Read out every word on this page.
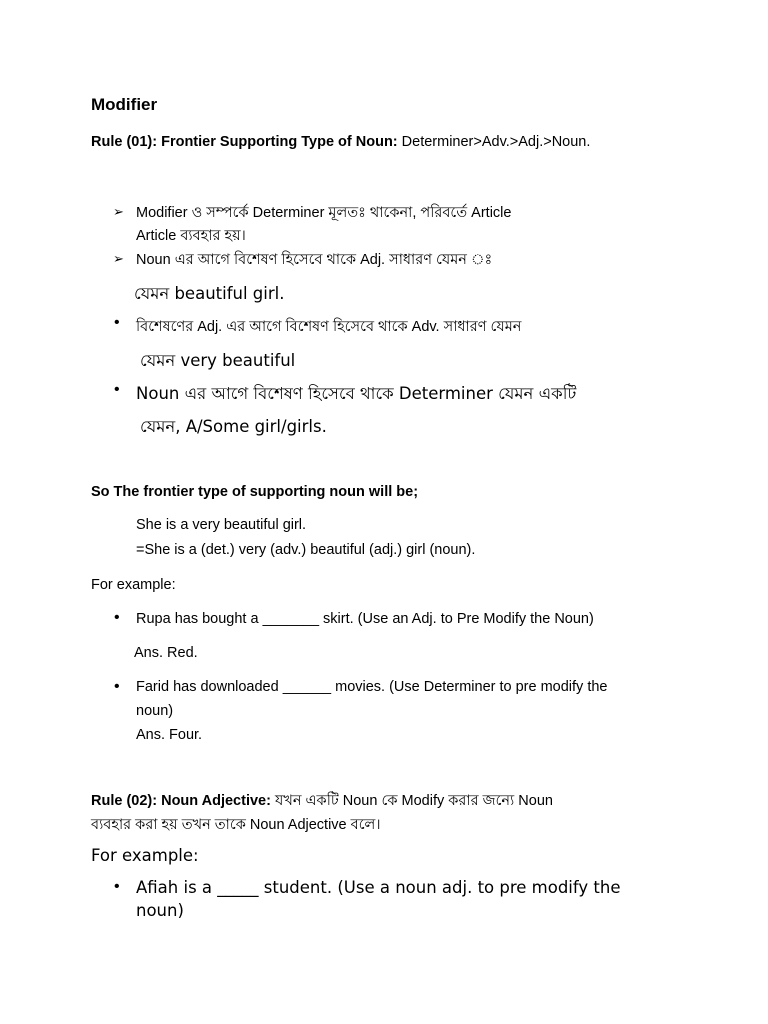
Modifier
Rule (01): Frontier Supporting Type of Noun: Determiner>Adv.>Adj.>Noun.
➢ Modifier ও সম্পর্কে Determiner মূলতঃ থাকেনা, পরিবর্তে Article
Article ব্যবহার হয়।
➢ Noun এর আগে বিশেষণ হিসেবে থাকে Adj. সাধারণ যেমন ঃ
যেমন beautiful girl.
• বিশেষণের Adj. এর আগে বিশেষণ হিসেবে থাকে Adv. সাধারণ যেমন
যেমন very beautiful
• Noun এর আগে বিশেষণ হিসেবে থাকে Determiner যেমন একটি
যেমন, A/Some girl/girls.
So The frontier type of supporting noun will be;
She is a very beautiful girl.
=She is a (det.) very (adv.) beautiful (adj.) girl (noun).
For example:
• Rupa has bought a _______ skirt. (Use an Adj. to Pre Modify the Noun)
Ans. Red.
• Farid has downloaded ______ movies. (Use Determiner to pre modify the
noun)
Ans. Four.
Rule (02): Noun Adjective: যখন একটি Noun কে Modify করার জন্যে Noun
ব্যবহার করা হয় তখন তাকে Noun Adjective বলে।
For example:
• Afiah is a _____ student. (Use a noun adj. to pre modify the
noun)
